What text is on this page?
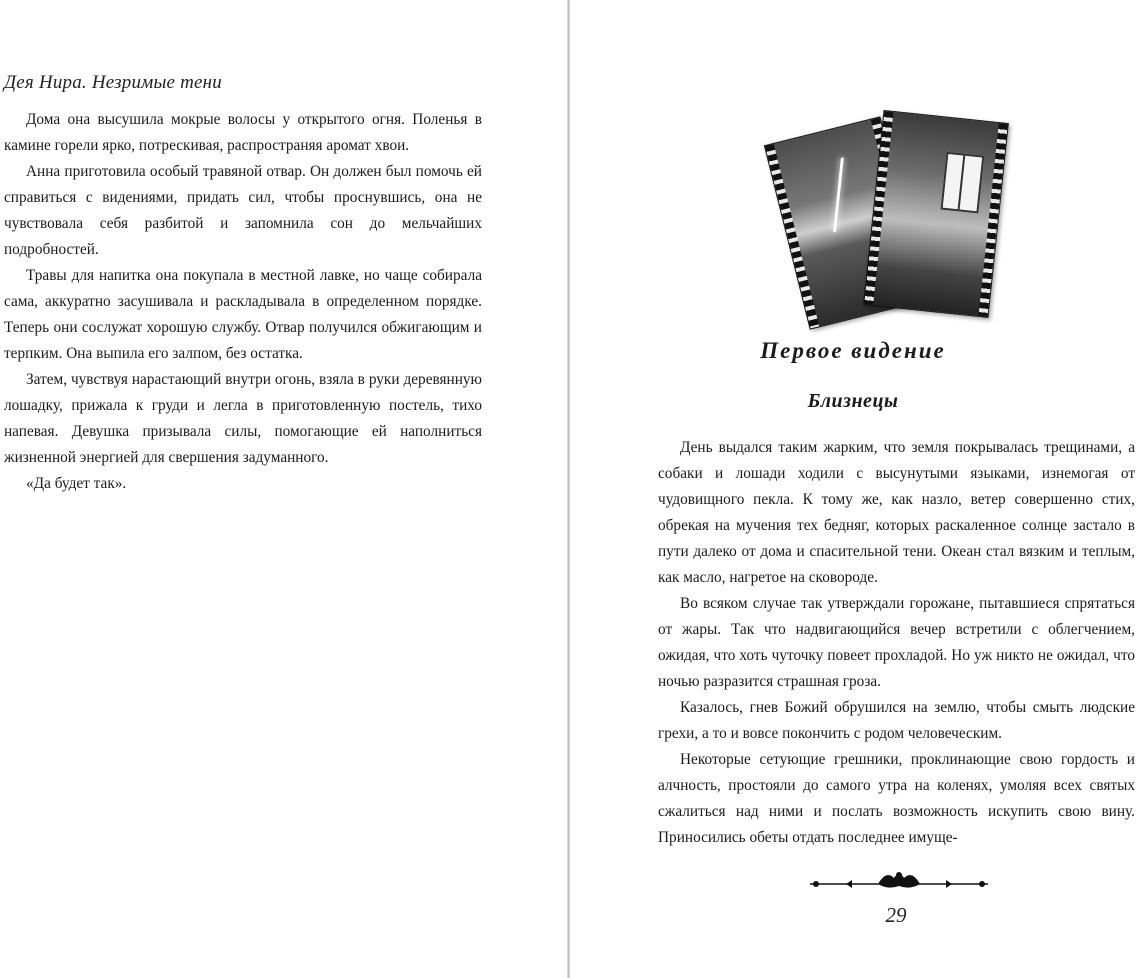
Дея Нира. Незримые тени

Дома она высушила мокрые волосы у открытого огня. Поленья в камине горели ярко, потрескивая, распространяя аромат хвои.

Анна приготовила особый травяной отвар. Он должен был помочь ей справиться с видениями, придать сил, чтобы проснувшись, она не чувствовала себя разбитой и запомнила сон до мельчайших подробностей.

Травы для напитка она покупала в местной лавке, но чаще собирала сама, аккуратно засушивала и раскладывала в определенном порядке. Теперь они сослужат хорошую службу. Отвар получился обжигающим и терпким. Она выпила его залпом, без остатка.

Затем, чувствуя нарастающий внутри огонь, взяла в руки деревянную лошадку, прижала к груди и легла в приготовленную постель, тихо напевая. Девушка призывала силы, помогающие ей наполниться жизненной энергией для свершения задуманного.

«Да будет так».

Первое видение
Близнецы

День выдался таким жарким, что земля покрывалась трещинами, а собаки и лошади ходили с высунутыми языками, изнемогая от чудовищного пекла. К тому же, как назло, ветер совершенно стих, обрекая на мучения тех бедняг, которых раскаленное солнце застало в пути далеко от дома и спасительной тени. Океан стал вязким и теплым, как масло, нагретое на сковороде.

Во всяком случае так утверждали горожане, пытавшиеся спрятаться от жары. Так что надвигающийся вечер встретили с облегчением, ожидая, что хоть чуточку повеет прохладой. Но уж никто не ожидал, что ночью разразится страшная гроза.

Казалось, гнев Божий обрушился на землю, чтобы смыть людские грехи, а то и вовсе покончить с родом человеческим.

Некоторые сетующие грешники, проклинающие свою гордость и алчность, простояли до самого утра на коленях, умоляя всех святых сжалиться над ними и послать возможность искупить свою вину. Приносились обеты отдать последнее имуще-

29
